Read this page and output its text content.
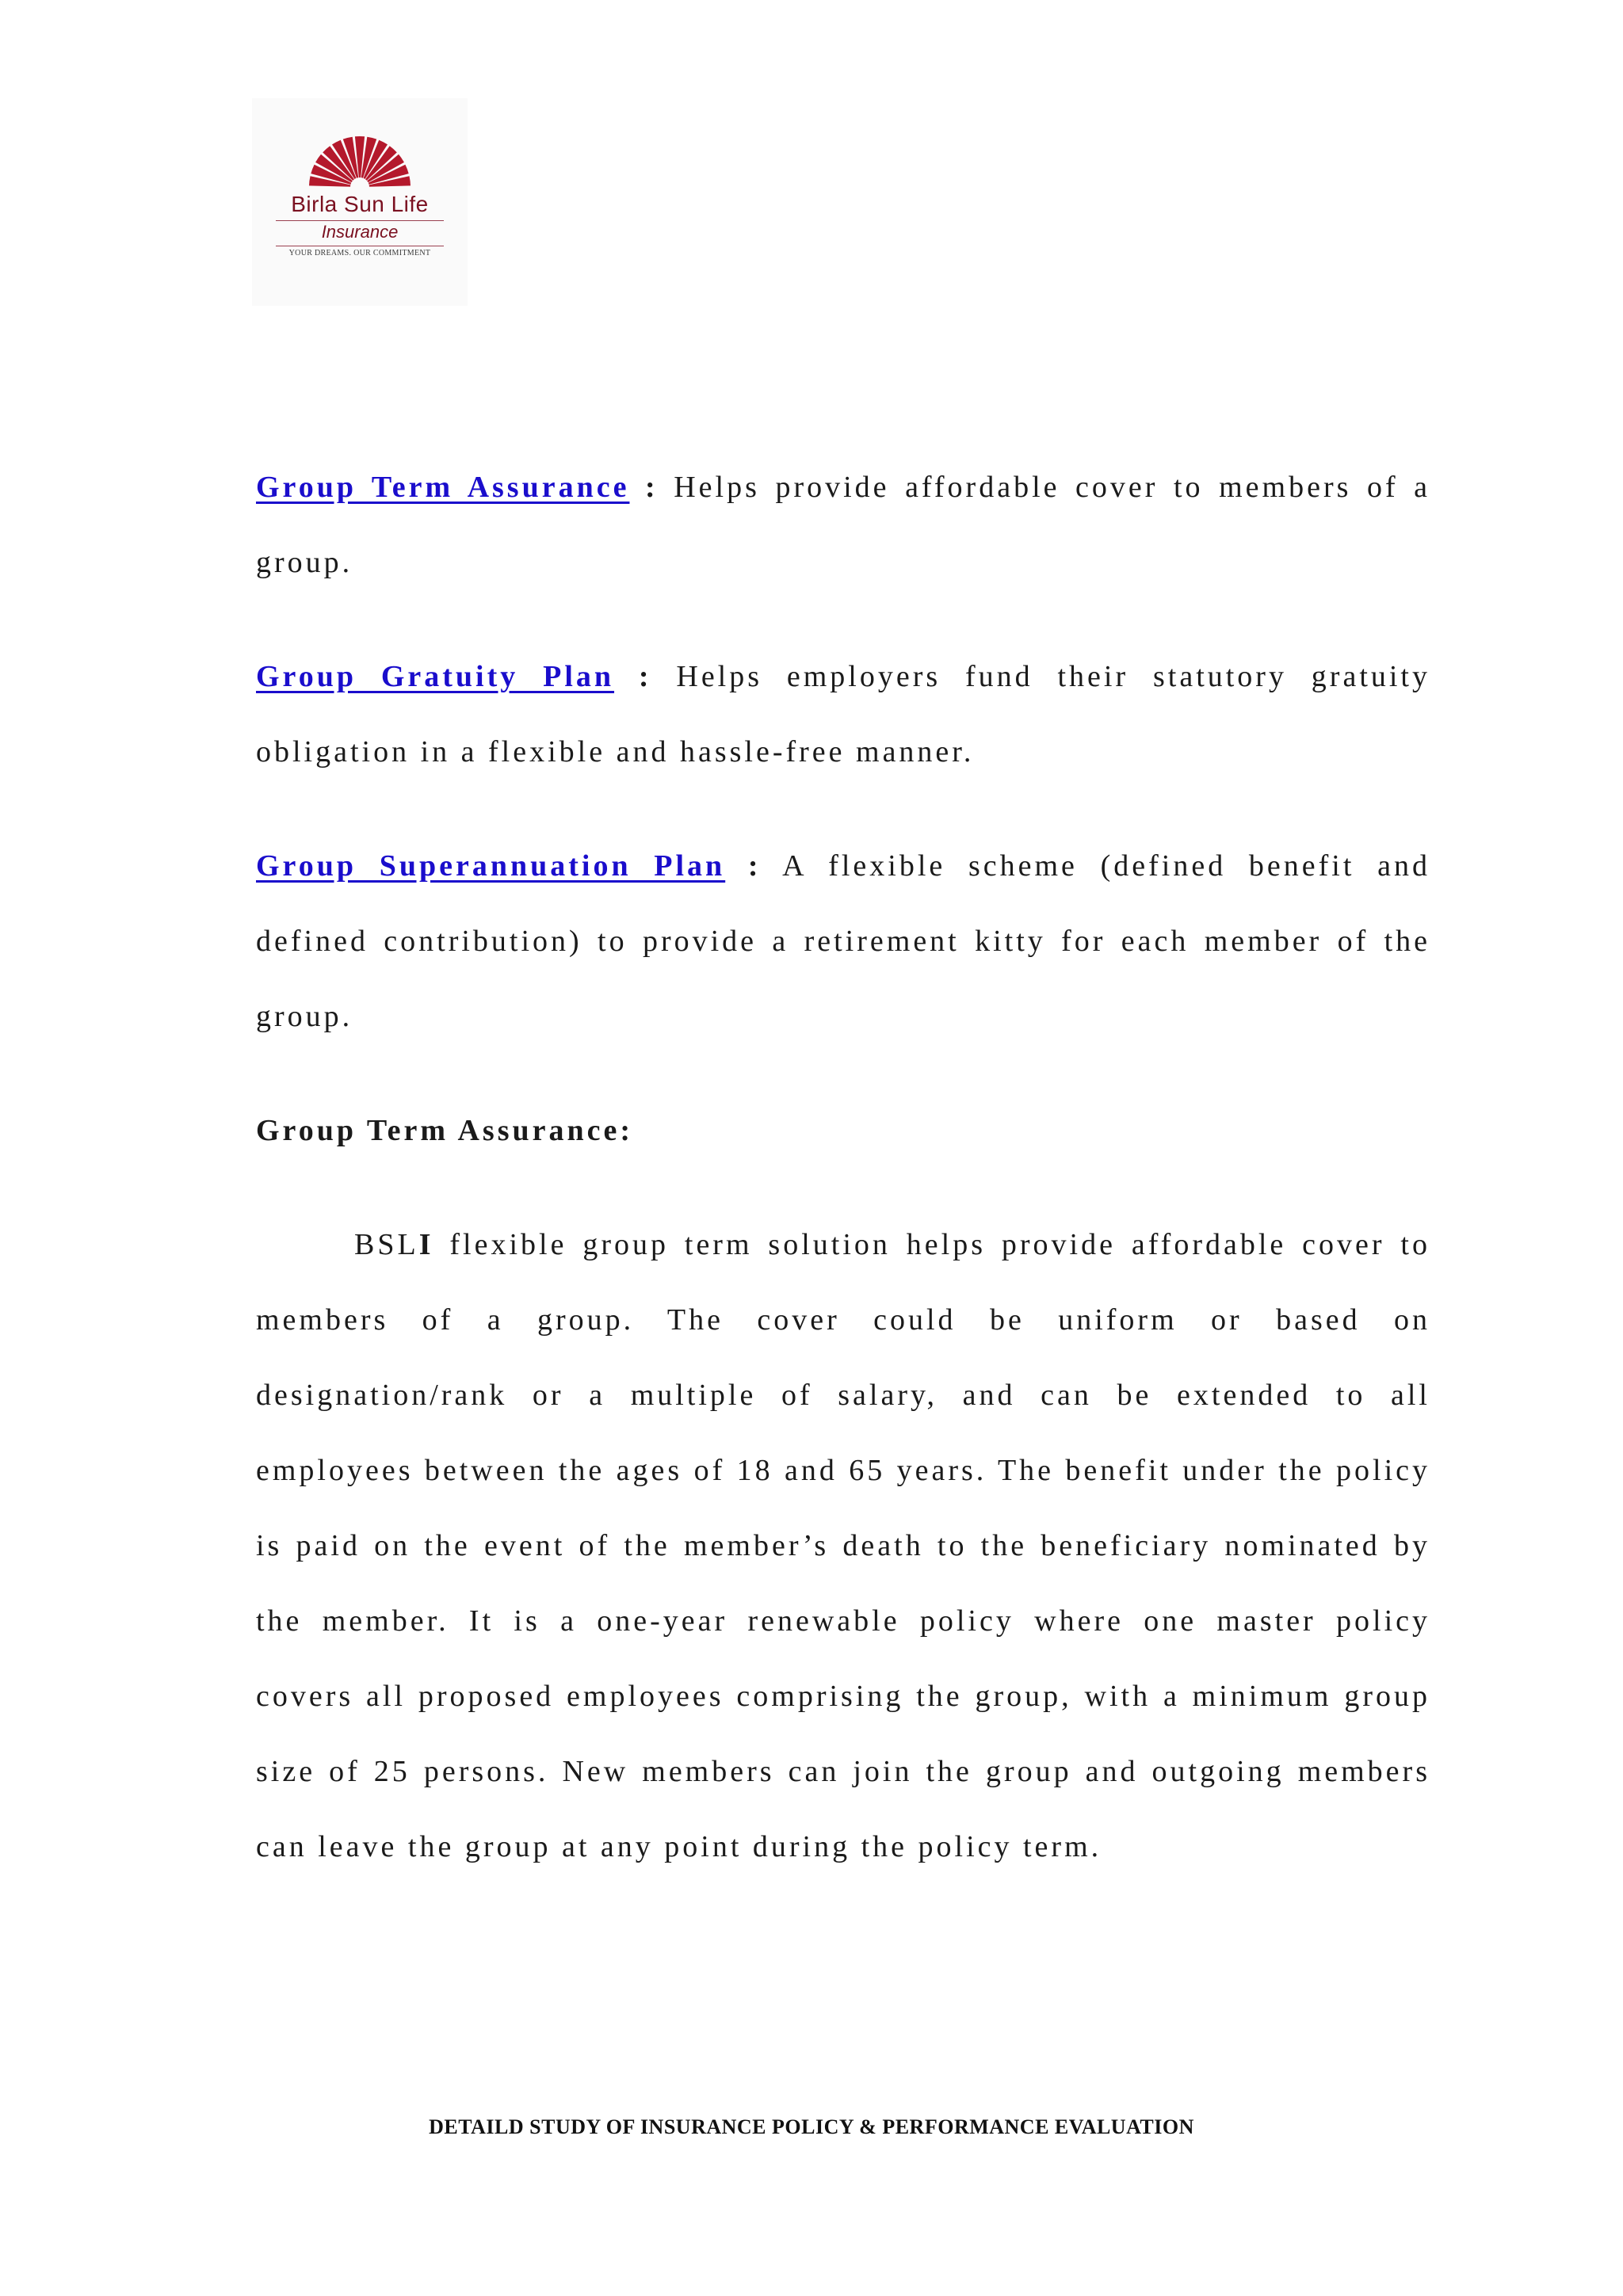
Birla Sun Life
Insurance
YOUR DREAMS. OUR COMMITMENT

Group Term Assurance : Helps provide affordable cover to members of a group.

Group Gratuity Plan : Helps employers fund their statutory gratuity obligation in a flexible and hassle-free manner.

Group Superannuation Plan : A flexible scheme (defined benefit and defined contribution) to provide a retirement kitty for each member of the group.

Group Term Assurance:

BSLI flexible group term solution helps provide affordable cover to members of a group. The cover could be uniform or based on designation/rank or a multiple of salary, and can be extended to all employees between the ages of 18 and 65 years. The benefit under the policy is paid on the event of the member’s death to the beneficiary nominated by the member. It is a one-year renewable policy where one master policy covers all proposed employees comprising the group, with a minimum group size of 25 persons. New members can join the group and outgoing members can leave the group at any point during the policy term.

DETAILD STUDY OF INSURANCE POLICY & PERFORMANCE EVALUATION
